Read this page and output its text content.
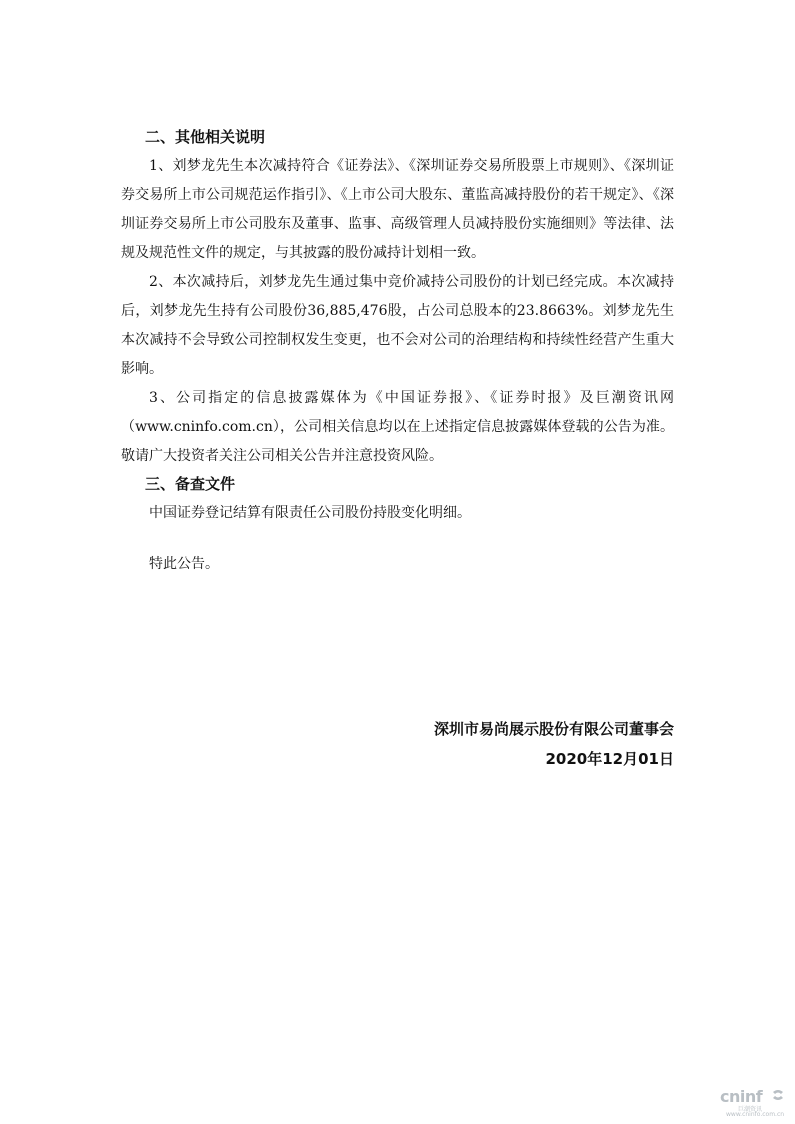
二、其他相关说明

1、刘梦龙先生本次减持符合《证券法》、《深圳证券交易所股票上市规则》、《深圳证券交易所上市公司规范运作指引》、《上市公司大股东、董监高减持股份的若干规定》、《深圳证券交易所上市公司股东及董事、监事、高级管理人员减持股份实施细则》等法律、法规及规范性文件的规定，与其披露的股份减持计划相一致。

2、本次减持后，刘梦龙先生通过集中竞价减持公司股份的计划已经完成。本次减持后，刘梦龙先生持有公司股份36,885,476股，占公司总股本的23.8663%。刘梦龙先生本次减持不会导致公司控制权发生变更，也不会对公司的治理结构和持续性经营产生重大影响。

3、公司指定的信息披露媒体为《中国证券报》、《证券时报》及巨潮资讯网（www.cninfo.com.cn），公司相关信息均以在上述指定信息披露媒体登载的公告为准。敬请广大投资者关注公司相关公告并注意投资风险。

三、备查文件

中国证券登记结算有限责任公司股份持股变化明细。

特此公告。

深圳市易尚展示股份有限公司董事会
2020年12月01日
cninf
巨潮资讯
www.cninfo.com.cn
